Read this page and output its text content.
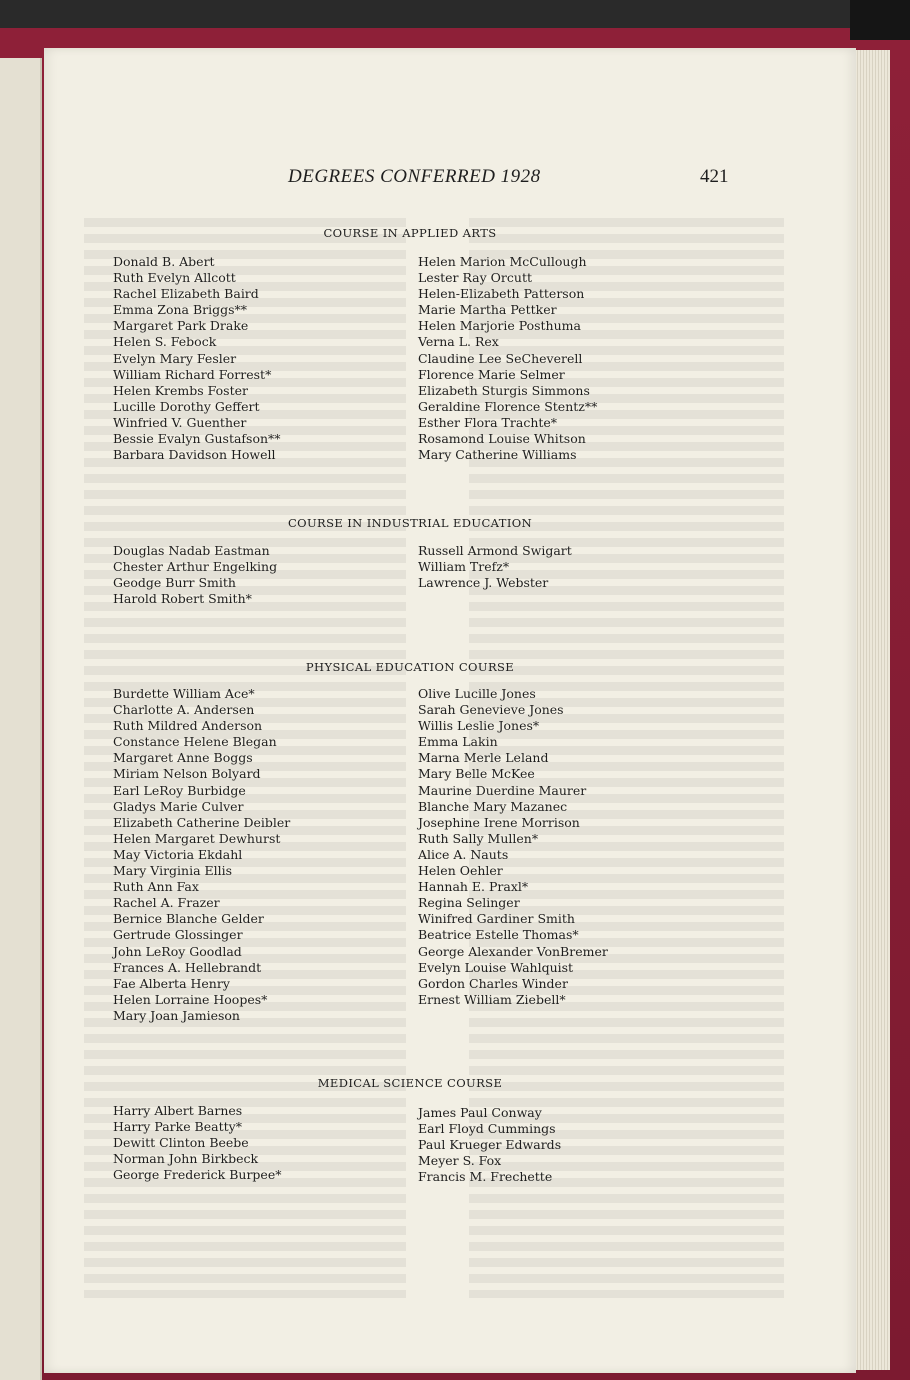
DEGREES CONFERRED 1928	421
COURSE IN APPLIED ARTS
Donald B. Abert
Ruth Evelyn Allcott
Rachel Elizabeth Baird
Emma Zona Briggs**
Margaret Park Drake
Helen S. Febock
Evelyn Mary Fesler
William Richard Forrest*
Helen Krembs Foster
Lucille Dorothy Geffert
Winfried V. Guenther
Bessie Evalyn Gustafson**
Barbara Davidson Howell
Helen Marion McCullough
Lester Ray Orcutt
Helen-Elizabeth Patterson
Marie Martha Pettker
Helen Marjorie Posthuma
Verna L. Rex
Claudine Lee SeCheverell
Florence Marie Selmer
Elizabeth Sturgis Simmons
Geraldine Florence Stentz**
Esther Flora Trachte*
Rosamond Louise Whitson
Mary Catherine Williams
COURSE IN INDUSTRIAL EDUCATION
Douglas Nadab Eastman
Chester Arthur Engelking
Geodge Burr Smith
Harold Robert Smith*
Russell Armond Swigart
William Trefz*
Lawrence J. Webster
PHYSICAL EDUCATION COURSE
Burdette William Ace*
Charlotte A. Andersen
Ruth Mildred Anderson
Constance Helene Blegan
Margaret Anne Boggs
Miriam Nelson Bolyard
Earl LeRoy Burbidge
Gladys Marie Culver
Elizabeth Catherine Deibler
Helen Margaret Dewhurst
May Victoria Ekdahl
Mary Virginia Ellis
Ruth Ann Fax
Rachel A. Frazer
Bernice Blanche Gelder
Gertrude Glossinger
John LeRoy Goodlad
Frances A. Hellebrandt
Fae Alberta Henry
Helen Lorraine Hoopes*
Mary Joan Jamieson
Olive Lucille Jones
Sarah Genevieve Jones
Willis Leslie Jones*
Emma Lakin
Marna Merle Leland
Mary Belle McKee
Maurine Duerdine Maurer
Blanche Mary Mazanec
Josephine Irene Morrison
Ruth Sally Mullen*
Alice A. Nauts
Helen Oehler
Hannah E. Praxl*
Regina Selinger
Winifred Gardiner Smith
Beatrice Estelle Thomas*
George Alexander VonBremer
Evelyn Louise Wahlquist
Gordon Charles Winder
Ernest William Ziebell*
MEDICAL SCIENCE COURSE
Harry Albert Barnes
Harry Parke Beatty*
Dewitt Clinton Beebe
Norman John Birkbeck
George Frederick Burpee*
James Paul Conway
Earl Floyd Cummings
Paul Krueger Edwards
Meyer S. Fox
Francis M. Frechette
